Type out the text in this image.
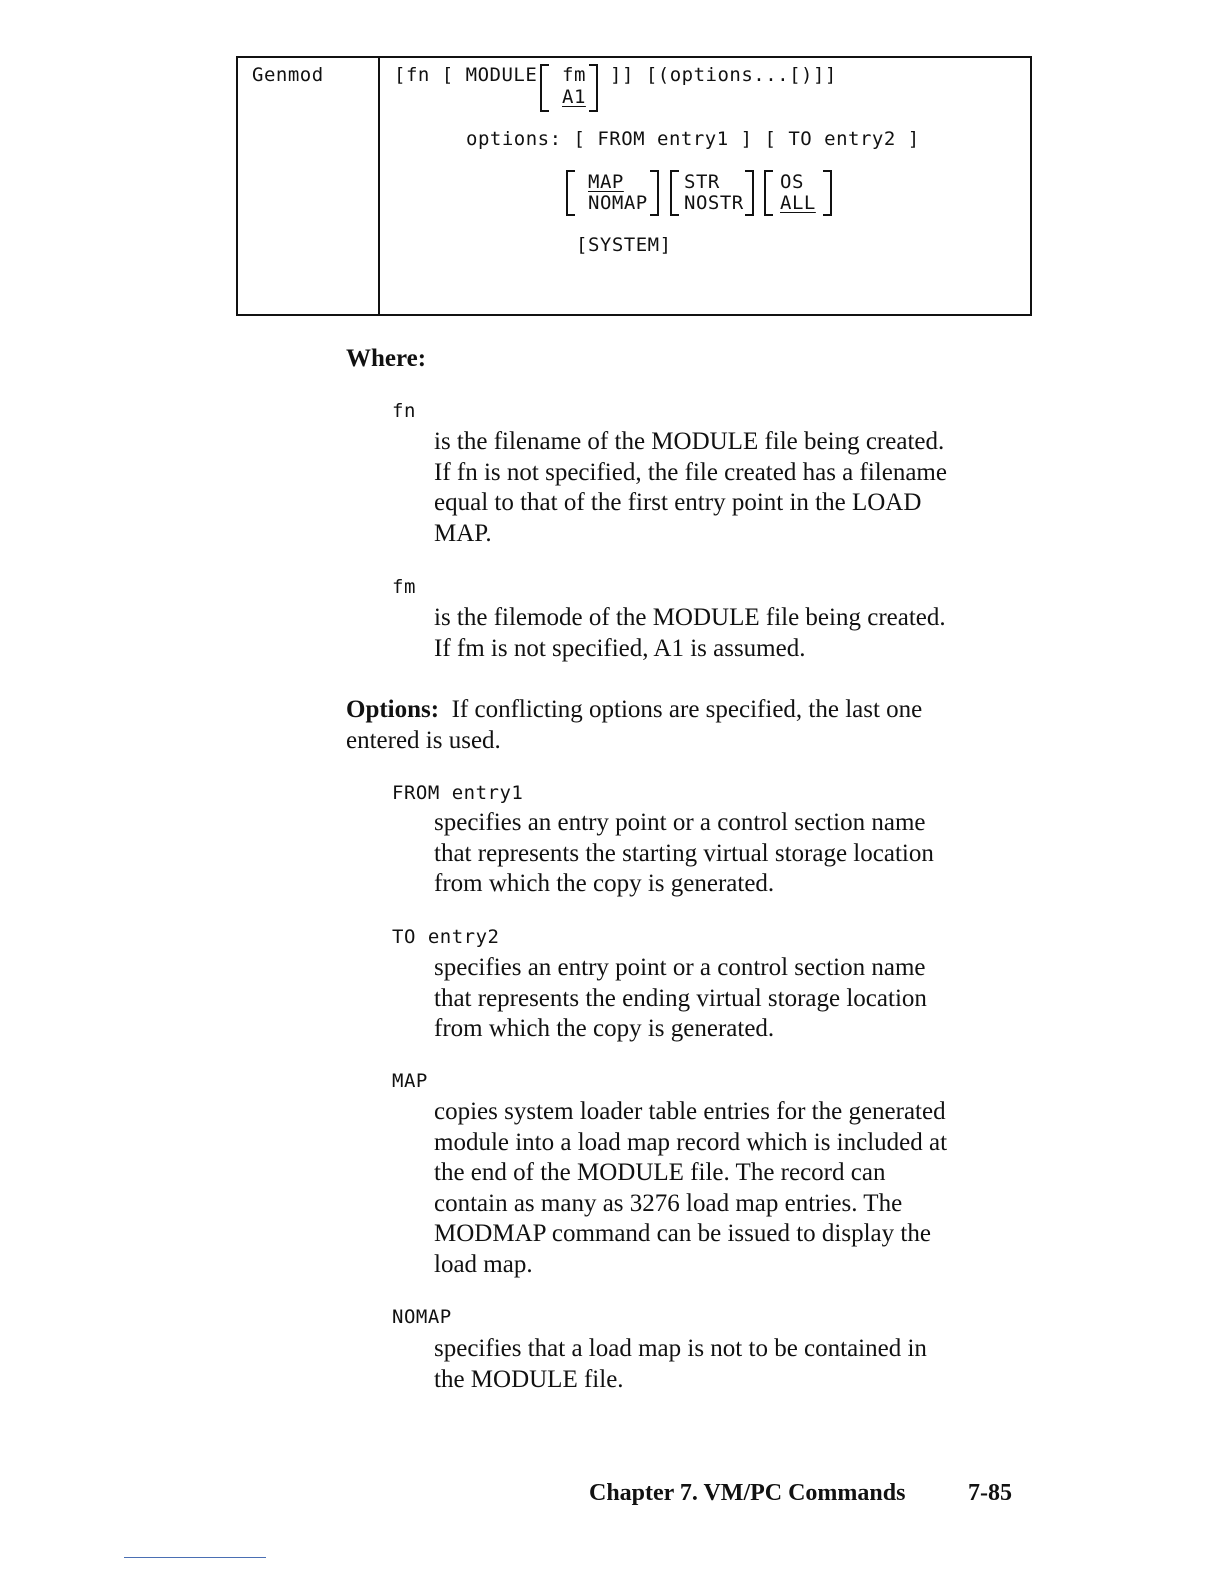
Genmod	[fn [ MODULE fm
A1
]] [(options...[)]]
options: [ FROM entry1 ] [ TO entry2 ]
MAP
NOMAP
STR
NOSTR
OS
ALL
[SYSTEM]
Where:
fn
is the filename of the MODULE file being created.
If fn is not specified, the file created has a filename
equal to that of the first entry point in the LOAD
MAP.
fm
is the filemode of the MODULE file being created.
If fm is not specified, A1 is assumed.
Options: If conflicting options are specified, the last one
entered is used.
FROM entry1
specifies an entry point or a control section name
that represents the starting virtual storage location
from which the copy is generated.
TO entry2
specifies an entry point or a control section name
that represents the ending virtual storage location
from which the copy is generated.
MAP
copies system loader table entries for the generated
module into a load map record which is included at
the end of the MODULE file. The record can
contain as many as 3276 load map entries. The
MODMAP command can be issued to display the
load map.
NOMAP
specifies that a load map is not to be contained in
the MODULE file.
Chapter 7. VM/PC Commands	7-85
